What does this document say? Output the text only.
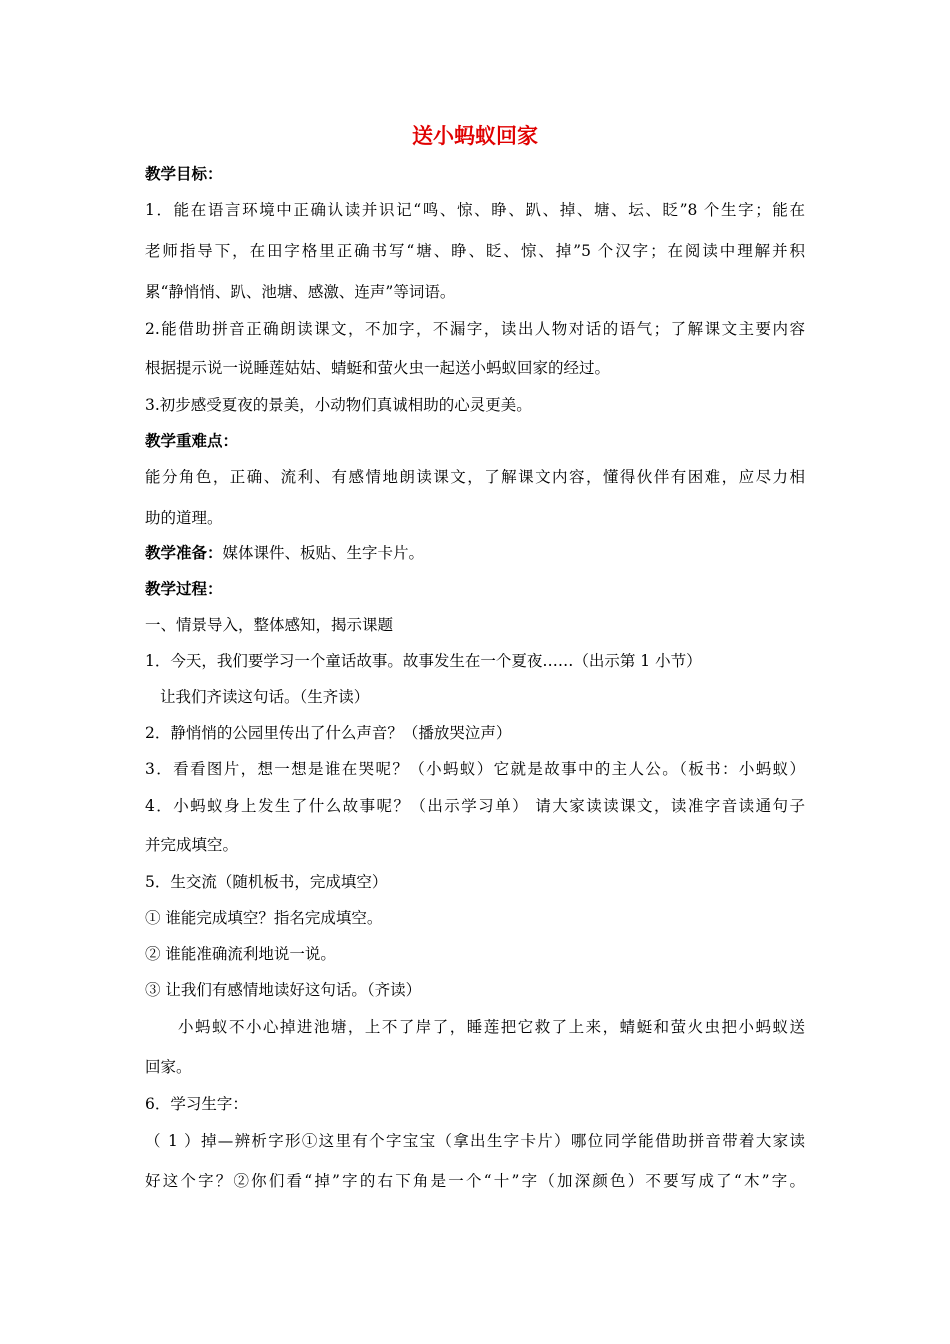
送小蚂蚁回家
教学目标：
1．能在语言环境中正确认读并识记“鸣、惊、睁、趴、掉、塘、坛、眨”8 个生字；能在
老师指导下，在田字格里正确书写“塘、睁、眨、惊、掉”5 个汉字；在阅读中理解并积
累“静悄悄、趴、池塘、感激、连声”等词语。
2.能借助拼音正确朗读课文，不加字，不漏字，读出人物对话的语气；了解课文主要内容
根据提示说一说睡莲姑姑、蜻蜓和萤火虫一起送小蚂蚁回家的经过。
3.初步感受夏夜的景美，小动物们真诚相助的心灵更美。
教学重难点：
能分角色，正确、流利、有感情地朗读课文，了解课文内容，懂得伙伴有困难，应尽力相
助的道理。
教学准备：媒体课件、板贴、生字卡片。
教学过程：
一、情景导入，整体感知，揭示课题
1．今天，我们要学习一个童话故事。故事发生在一个夏夜……（出示第 1 小节）
让我们齐读这句话。（生齐读）
2．静悄悄的公园里传出了什么声音？（播放哭泣声）
3．看看图片，想一想是谁在哭呢？（小蚂蚁）它就是故事中的主人公。（板书：小蚂蚁）
4．小蚂蚁身上发生了什么故事呢？（出示学习单） 请大家读读课文，读准字音读通句子
并完成填空。
5．生交流（随机板书，完成填空）
① 谁能完成填空？指名完成填空。
② 谁能准确流利地说一说。
③ 让我们有感情地读好这句话。（齐读）
小蚂蚁不小心掉进池塘，上不了岸了，睡莲把它救了上来，蜻蜓和萤火虫把小蚂蚁送
回家。
6．学习生字：
（ 1 ）掉—辨析字形①这里有个字宝宝（拿出生字卡片）哪位同学能借助拼音带着大家读
好这个字？②你们看“掉”字的右下角是一个“十”字（加深颜色）不要写成了“木”字。
